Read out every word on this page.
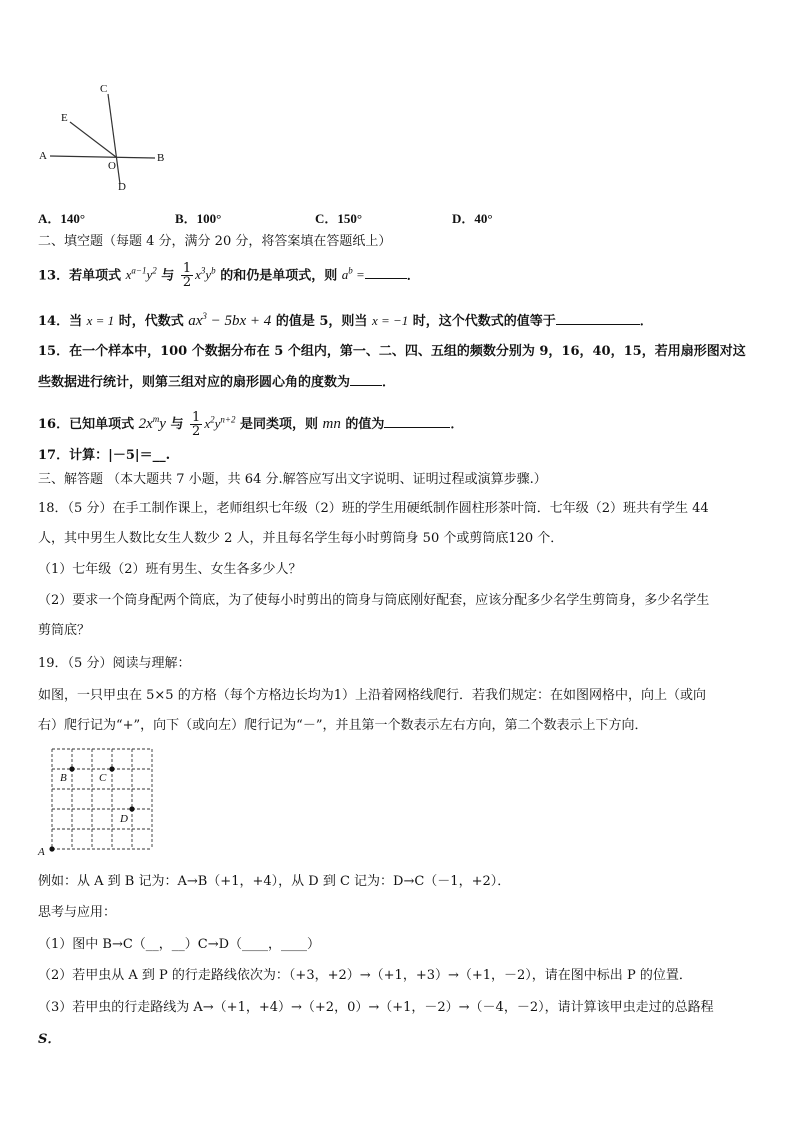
A	B
C
D
E
O
A．140°	B．100°	C．150°	D．40°
二、填空题（每题 4 分，满分 20 分，将答案填在答题纸上）
13．若单项式 $x^{a-1}y^2$ 与 $\frac{1}{2} x^3y^b$ 的和仍是单项式，则 $a^b$ =	．
14．当 x = 1 时，代数式 $ax^3 - 5bx + 4$ 的值是 5，则当 x = −1 时，这个代数式的值等于	．
15．在一个样本中，100 个数据分布在 5 个组内，第一、二、四、五组的频数分别为 9，16，40，15，若用扇形图对这
些数据进行统计，则第三组对应的扇形圆心角的度数为 ．
16．已知单项式 $2x^my$ 与 $\frac{1}{2} x^2y^{n+2}$ 是同类项，则 mn 的值为	．
17．计算：|－5|＝__.
三、解答题 （本大题共 7 小题，共 64 分.解答应写出文字说明、证明过程或演算步骤.）
18．（5 分）在手工制作课上，老师组织七年级（2）班的学生用硬纸制作圆柱形茶叶筒．七年级（2）班共有学生 44
人，其中男生人数比女生人数少 2 人，并且每名学生每小时剪筒身 50 个或剪筒底120 个．
（1）七年级（2）班有男生、女生各多少人？
（2）要求一个筒身配两个筒底，为了使每小时剪出的筒身与筒底刚好配套，应该分配多少名学生剪筒身，多少名学生
剪筒底？
19．（5 分）阅读与理解：
如图，一只甲虫在 5×5 的方格（每个方格边长均为1）上沿着网格线爬行．若我们规定：在如图网格中，向上（或向
右）爬行记为“+”，向下（或向左）爬行记为“－”，并且第一个数表示左右方向，第二个数表示上下方向．
A
B	C
D
例如：从 A 到 B 记为：A→B（+1，+4），从 D 到 C 记为：D→C（－1，+2）．
思考与应用：
（1）图中 B→C（__，__）C→D（____，____）
（2）若甲虫从 A 到 P 的行走路线依次为：（+3，+2）→（+1，+3）→（+1，－2），请在图中标出 P 的位置．
（3）若甲虫的行走路线为 A→（+1，+4）→（+2，0）→（+1，－2）→（－4，－2），请计算该甲虫走过的总路程
S．
